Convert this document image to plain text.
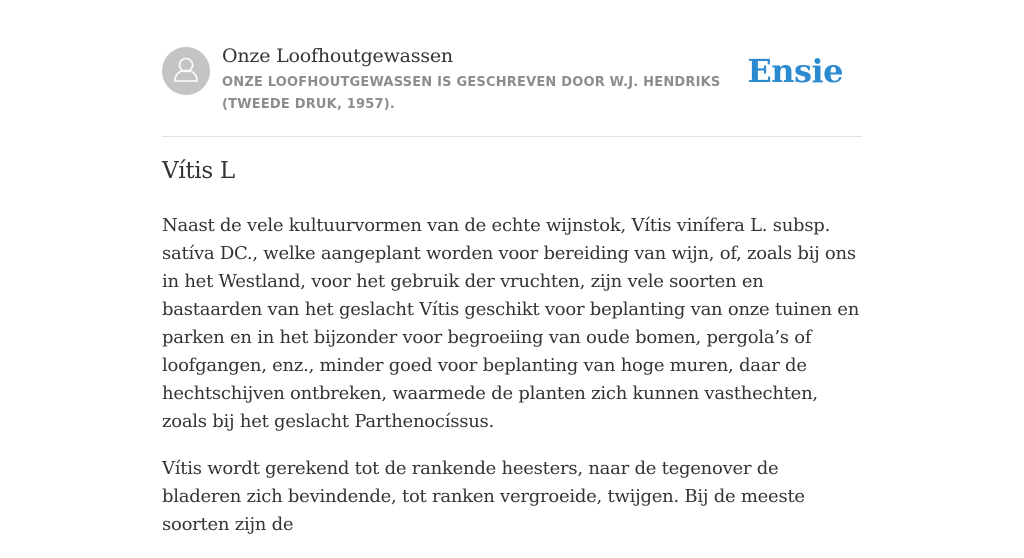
Onze Loofhoutgewassen
ONZE LOOFHOUTGEWASSEN IS GESCHREVEN DOOR W.J. HENDRIKS (TWEEDE DRUK, 1957).
Ensie
Vítis L

Naast de vele kultuurvormen van de echte wijnstok, Vítis vinífera L. subsp. satíva DC., welke aangeplant worden voor bereiding van wijn, of, zoals bij ons in het Westland, voor het gebruik der vruchten, zijn vele soorten en bastaarden van het geslacht Vítis geschikt voor beplanting van onze tuinen en parken en in het bijzonder voor begroeiing van oude bomen, pergola’s of loofgangen, enz., minder goed voor beplanting van hoge muren, daar de hechtschijven ontbreken, waarmede de planten zich kunnen vasthechten, zoals bij het geslacht Parthenocíssus.

Vítis wordt gerekend tot de rankende heesters, naar de tegenover de bladeren zich bevindende, tot ranken vergroeide, twijgen. Bij de meeste soorten zijn de
